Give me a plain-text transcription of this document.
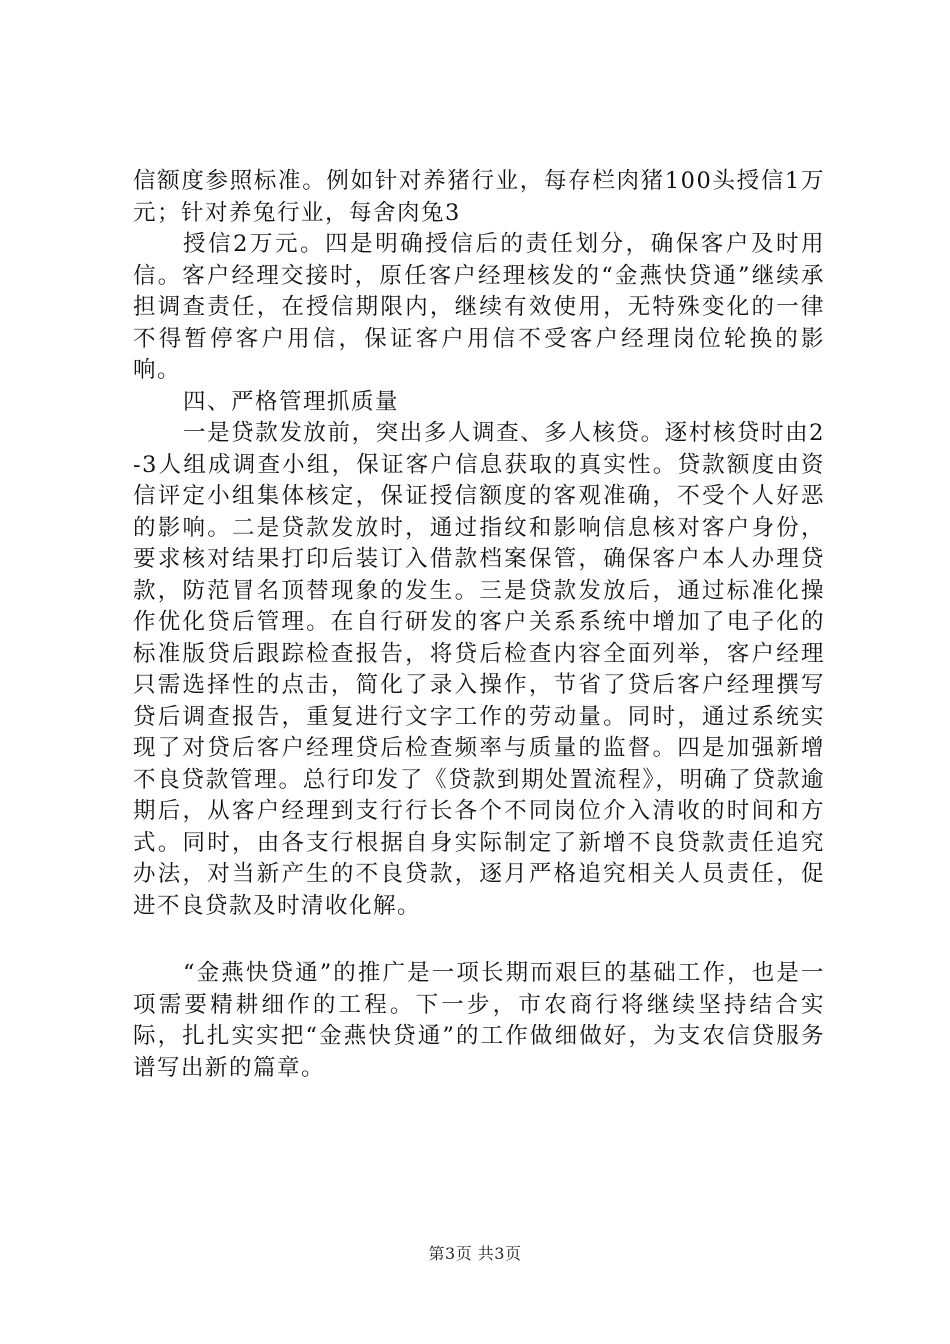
信额度参照标准。例如针对养猪行业，每存栏肉猪100头授信1万元；针对养兔行业，每舍肉兔3

授信2万元。四是明确授信后的责任划分，确保客户及时用信。客户经理交接时，原任客户经理核发的“金燕快贷通”继续承担调查责任，在授信期限内，继续有效使用，无特殊变化的一律不得暂停客户用信，保证客户用信不受客户经理岗位轮换的影响。

四、严格管理抓质量

一是贷款发放前，突出多人调查、多人核贷。逐村核贷时由2-3人组成调查小组，保证客户信息获取的真实性。贷款额度由资信评定小组集体核定，保证授信额度的客观准确，不受个人好恶的影响。二是贷款发放时，通过指纹和影响信息核对客户身份，要求核对结果打印后装订入借款档案保管，确保客户本人办理贷款，防范冒名顶替现象的发生。三是贷款发放后，通过标准化操作优化贷后管理。在自行研发的客户关系系统中增加了电子化的标准版贷后跟踪检查报告，将贷后检查内容全面列举，客户经理只需选择性的点击，简化了录入操作，节省了贷后客户经理撰写贷后调查报告，重复进行文字工作的劳动量。同时，通过系统实现了对贷后客户经理贷后检查频率与质量的监督。四是加强新增不良贷款管理。总行印发了《贷款到期处置流程》，明确了贷款逾期后，从客户经理到支行行长各个不同岗位介入清收的时间和方式。同时，由各支行根据自身实际制定了新增不良贷款责任追究办法，对当新产生的不良贷款，逐月严格追究相关人员责任，促进不良贷款及时清收化解。

“金燕快贷通”的推广是一项长期而艰巨的基础工作，也是一项需要精耕细作的工程。下一步，市农商行将继续坚持结合实际，扎扎实实把“金燕快贷通”的工作做细做好，为支农信贷服务谱写出新的篇章。

第3页 共3页
